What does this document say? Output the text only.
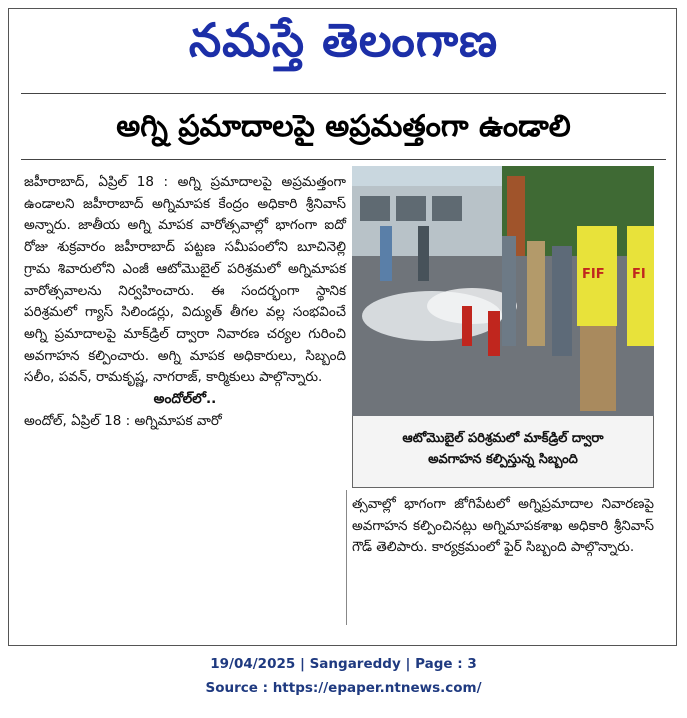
నమస్తే తెలంగాణ
అగ్ని ప్రమాదాలపై అప్రమత్తంగా ఉండాలి

జహీరాబాద్, ఏప్రిల్ 18 : అగ్ని ప్రమాదాలపై అప్రమత్తంగా ఉండాలని జహీరాబాద్ అగ్నిమాపక కేంద్రం అధికారి శ్రీనివాస్ అన్నారు. జాతీయ అగ్ని మాపక వారోత్సవాల్లో భాగంగా ఐదో రోజు శుక్రవారం జహీరాబాద్ పట్టణ సమీపంలోని బూచినెల్లి గ్రామ శివారులోని ఎంజీ ఆటోమొబైల్ పరిశ్రమలో అగ్నిమాపక వారోత్సవాలను నిర్వహించారు. ఈ సందర్భంగా స్థానిక పరిశ్రమలో గ్యాస్ సిలిండర్లు, విద్యుత్ తీగల వల్ల సంభవించే అగ్ని ప్రమాదాలపై మాక్‌డ్రిల్ ద్వారా నివారణ చర్యల గురించి అవగాహన కల్పించారు. అగ్ని మాపక అధికారులు, సిబ్బంది సలీం, పవన్, రామకృష్ణ, నాగరాజ్, కార్మికులు పాల్గొన్నారు.

అందోల్‌లో..

అందోల్, ఏప్రిల్ 18 : అగ్నిమాపక వారో

FIF FI
ఆటోమొబైల్ పరిశ్రమలో మాక్‌డ్రిల్ ద్వారా
అవగాహన కల్పిస్తున్న సిబ్బంది

త్సవాల్లో భాగంగా జోగిపేటలో అగ్నిప్రమాదాల నివారణపై అవగాహన కల్పించినట్లు అగ్నిమాపకశాఖ అధికారి శ్రీనివాస్ గౌడ్ తెలిపారు. కార్యక్రమంలో ఫైర్ సిబ్బంది పాల్గొన్నారు.

19/04/2025 | Sangareddy | Page : 3
Source : https://epaper.ntnews.com/
